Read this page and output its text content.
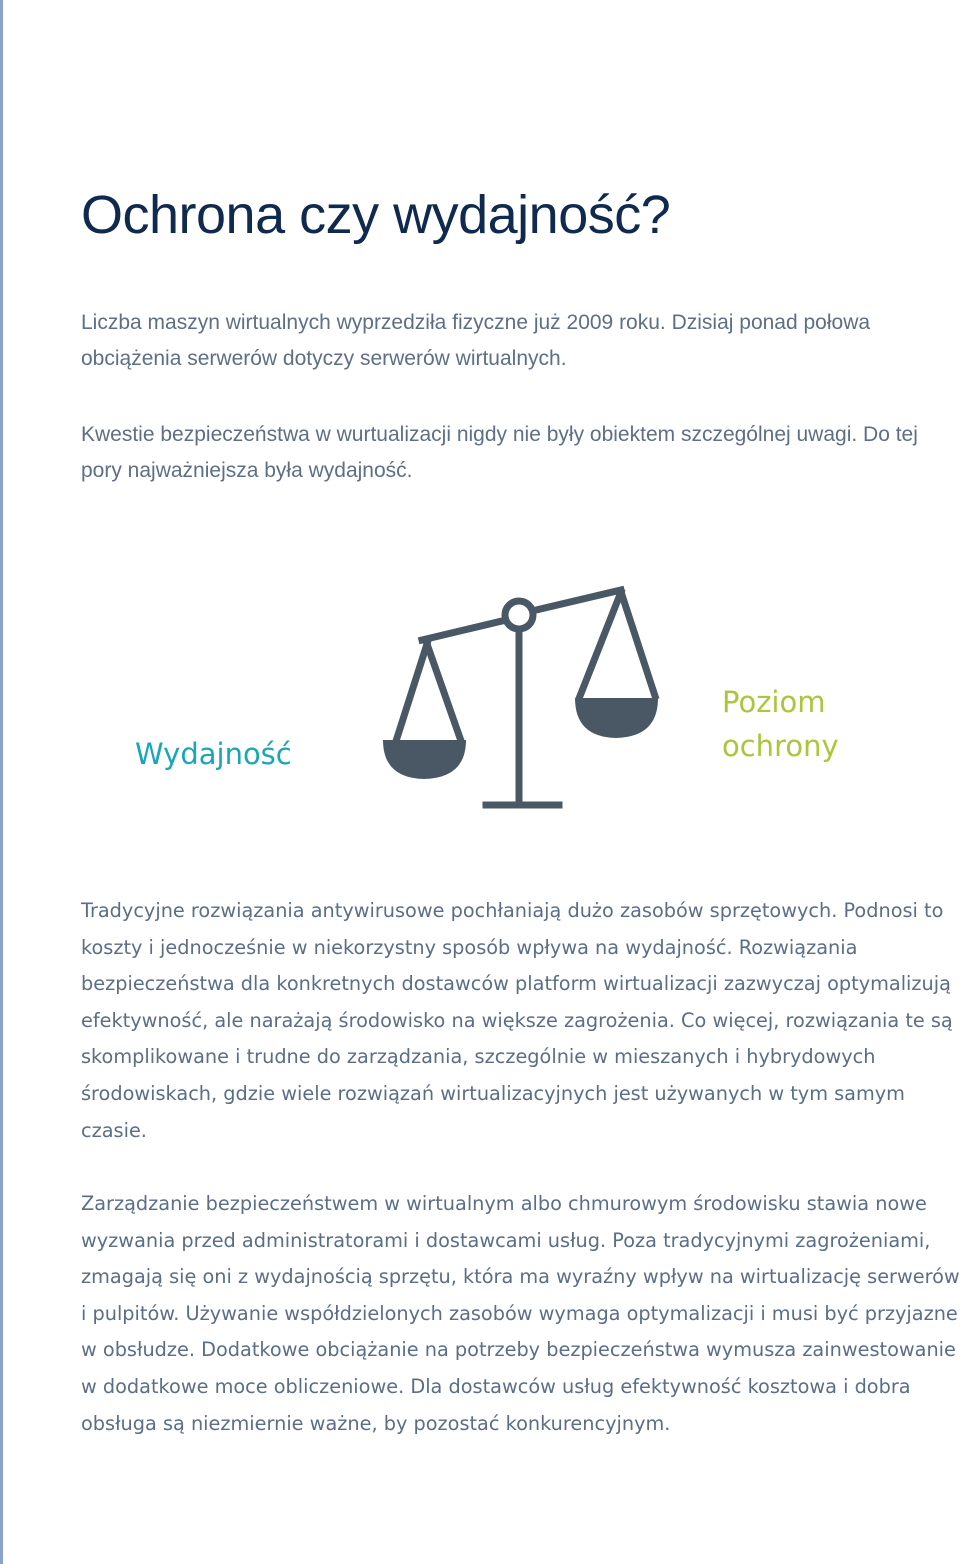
Ochrona czy wydajność?

Liczba maszyn wirtualnych wyprzedziła fizyczne już 2009 roku. Dzisiaj ponad połowa obciążenia serwerów dotyczy serwerów wirtualnych.

Kwestie bezpieczeństwa w wurtualizacji nigdy nie były obiektem szczególnej uwagi. Do tej pory najważniejsza była wydajność.

Wydajność

Poziom ochrony

Tradycyjne rozwiązania antywirusowe pochłaniają dużo zasobów sprzętowych. Podnosi to koszty i jednocześnie w niekorzystny sposób wpływa na wydajność. Rozwiązania bezpieczeństwa dla konkretnych dostawców platform wirtualizacji zazwyczaj optymalizują efektywność, ale narażają środowisko na większe zagrożenia. Co więcej, rozwiązania te są skomplikowane i trudne do zarządzania, szczególnie w mieszanych i hybrydowych środowiskach, gdzie wiele rozwiązań wirtualizacyjnych jest używanych w tym samym czasie.

Zarządzanie bezpieczeństwem w wirtualnym albo chmurowym środowisku stawia nowe wyzwania przed administratorami i dostawcami usług. Poza tradycyjnymi zagrożeniami, zmagają się oni z wydajnością sprzętu, która ma wyraźny wpływ na wirtualizację serwerów i pulpitów. Używanie współdzielonych zasobów wymaga optymalizacji i musi być przyjazne w obsłudze. Dodatkowe obciążanie na potrzeby bezpieczeństwa wymusza zainwestowanie w dodatkowe moce obliczeniowe. Dla dostawców usług efektywność kosztowa i dobra obsługa są niezmiernie ważne, by pozostać konkurencyjnym.
